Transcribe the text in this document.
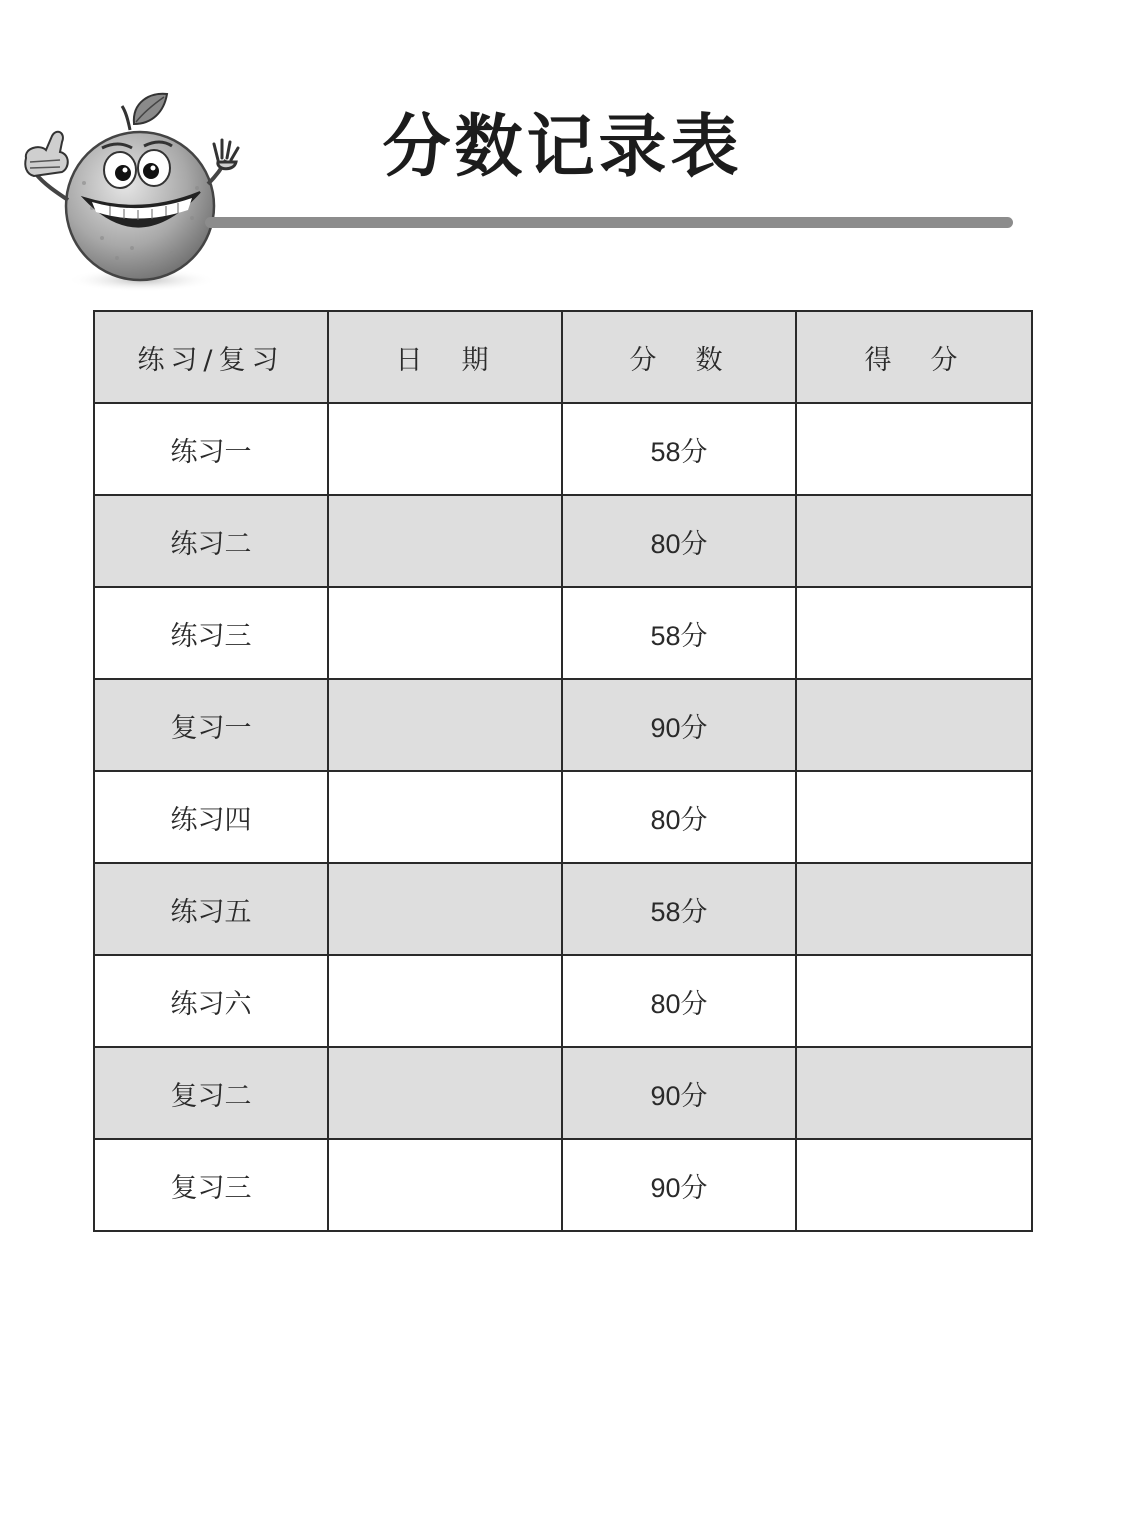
分数记录表
练习/复习	日　期	分　数	得　分
练习一		58分	
练习二		80分	
练习三		58分	
复习一		90分	
练习四		80分	
练习五		58分	
练习六		80分	
复习二		90分	
复习三		90分	
